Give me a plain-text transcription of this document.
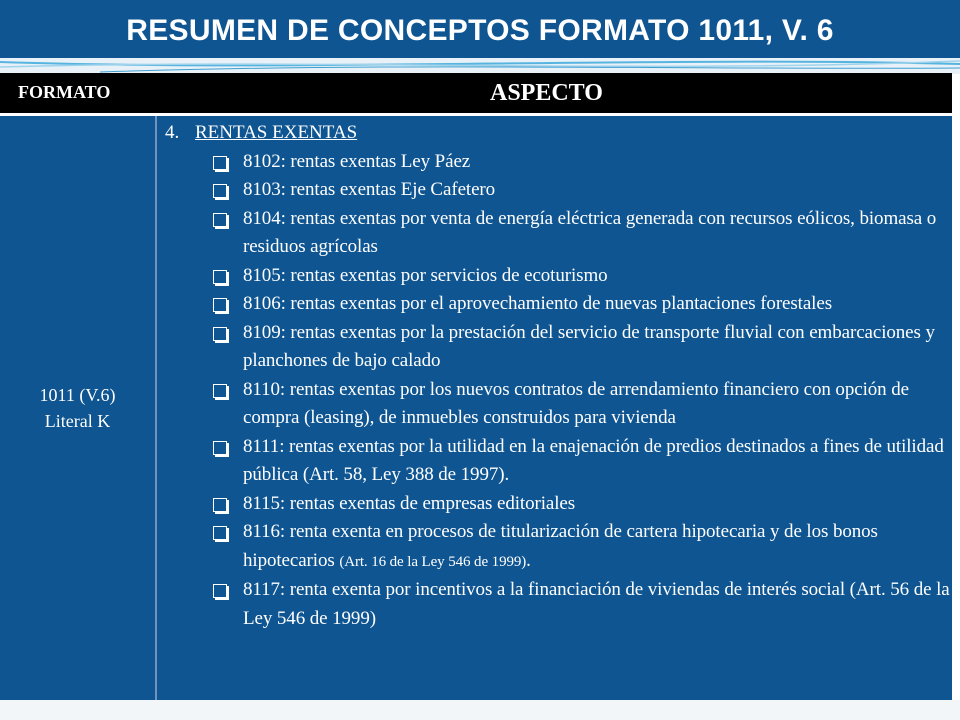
RESUMEN DE CONCEPTOS FORMATO 1011, V. 6
FORMATO	ASPECTO
1011 (V.6)
Literal K
4. RENTAS EXENTAS
8102: rentas exentas Ley Páez
8103: rentas exentas Eje Cafetero
8104: rentas exentas por venta de energía eléctrica generada con recursos eólicos, biomasa o residuos agrícolas
8105: rentas exentas por servicios de ecoturismo
8106: rentas exentas por el aprovechamiento de nuevas plantaciones forestales
8109: rentas exentas por la prestación del servicio de transporte fluvial con embarcaciones y planchones de bajo calado
8110: rentas exentas por los nuevos contratos de arrendamiento financiero con opción de compra (leasing), de inmuebles construidos para vivienda
8111: rentas exentas por la utilidad en la enajenación de predios destinados a fines de utilidad pública (Art. 58, Ley 388 de 1997).
8115: rentas exentas de empresas editoriales
8116: renta exenta en procesos de titularización de cartera hipotecaria y de los bonos hipotecarios (Art. 16 de la Ley 546 de 1999).
8117: renta exenta por incentivos a la financiación de viviendas de interés social (Art. 56 de la Ley 546 de 1999)
